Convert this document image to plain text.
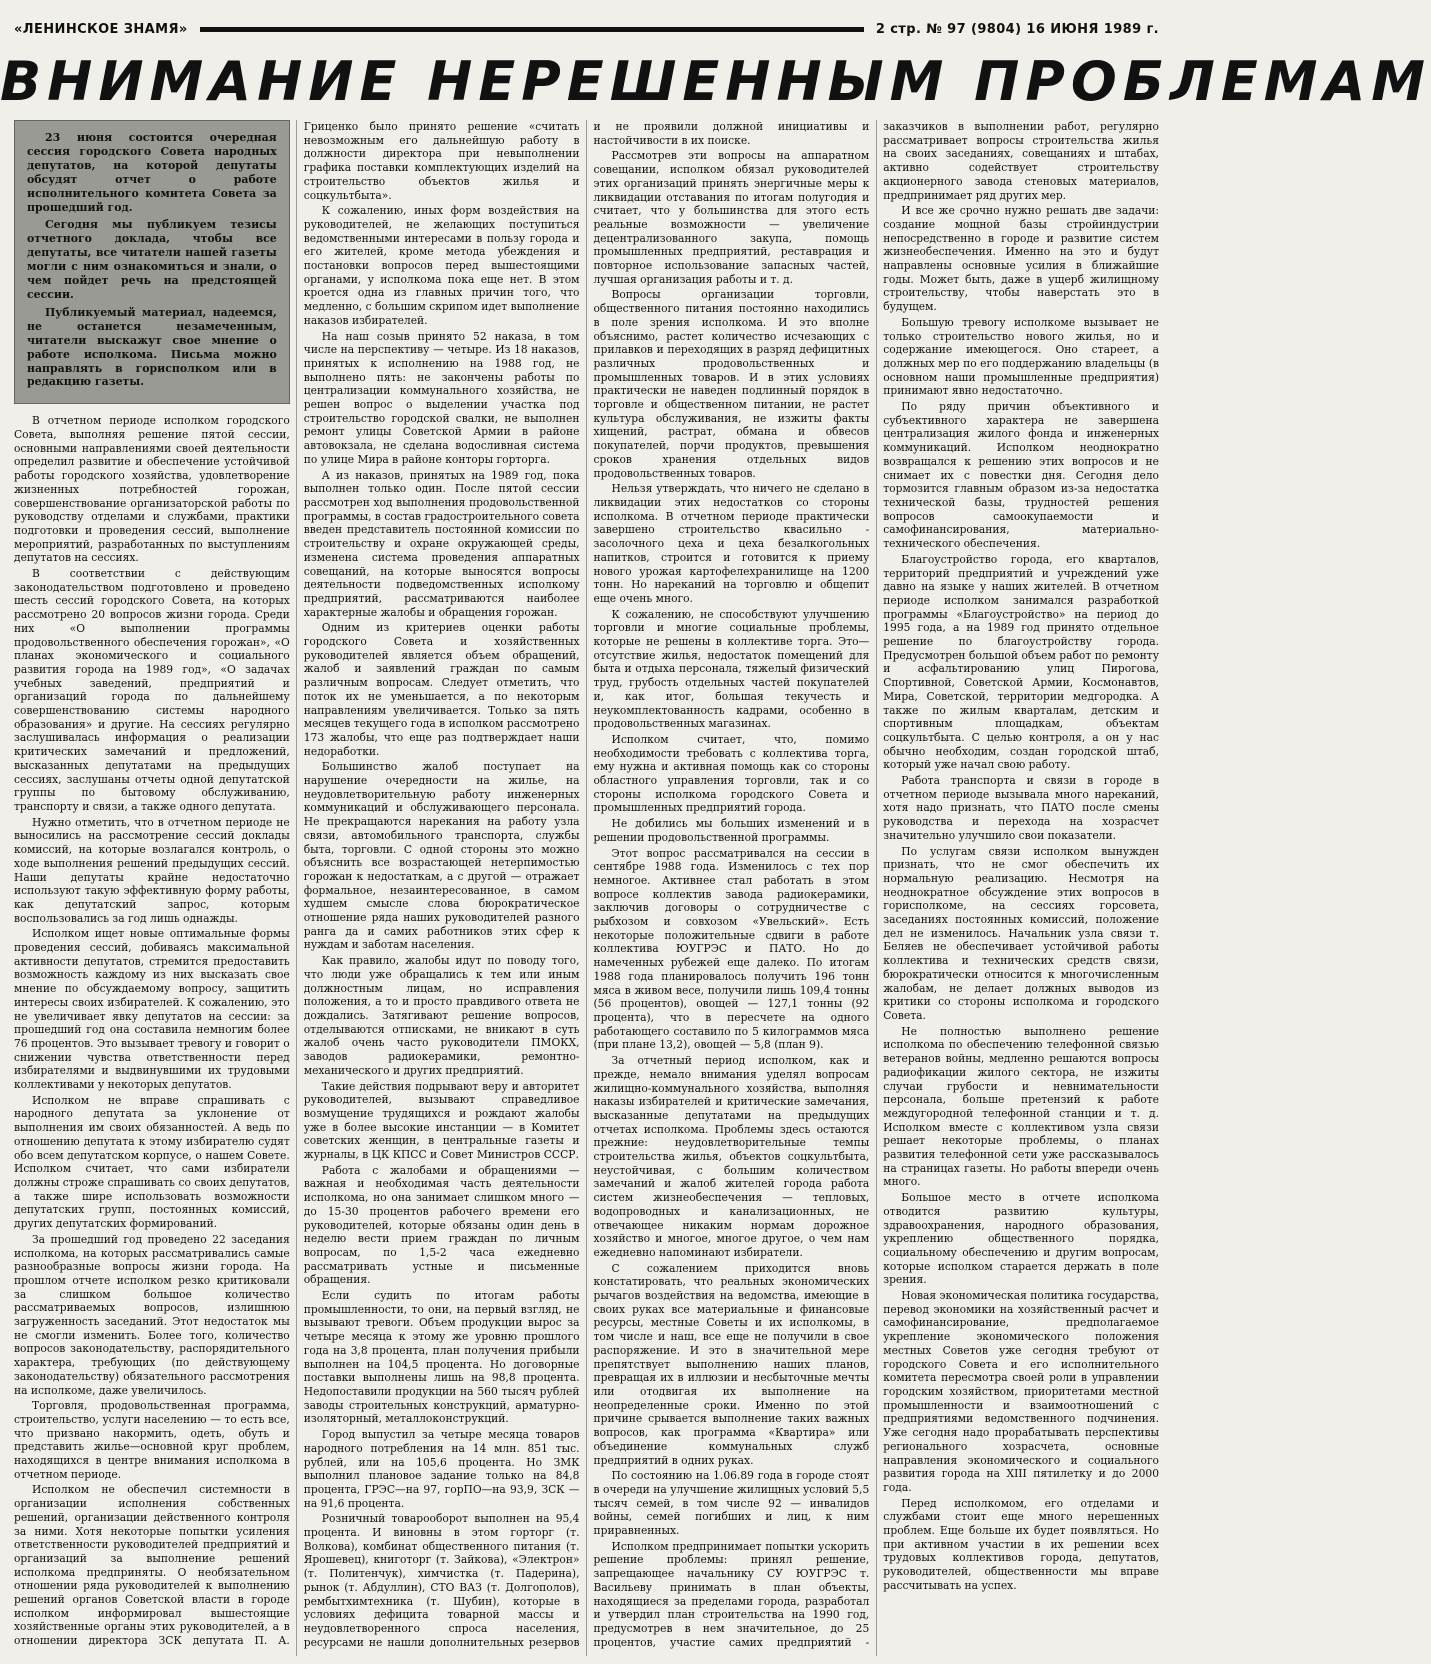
«ЛЕНИНСКОЕ ЗНАМЯ»	2 стр. № 97 (9804) 16 ИЮНЯ 1989 г.
ВНИМАНИЕ НЕРЕШЕННЫМ ПРОБЛЕМАМ

23 июня состоится очередная сессия городского Совета народных депутатов, на которой депутаты обсудят отчет о работе исполнительного комитета Совета за прошедший год.

Сегодня мы публикуем тезисы отчетного доклада, чтобы все депутаты, все читатели нашей газеты могли с ним ознакомиться и знали, о чем пойдет речь на предстоящей сессии.

Публикуемый материал, надеемся, не останется незамеченным, читатели выскажут свое мнение о работе исполкома. Письма можно направлять в горисполком или в редакцию газеты.

В отчетном периоде исполком городского Совета, выполняя решение пятой сессии, основными направлениями своей деятельности определил развитие и обеспечение устойчивой работы городского хозяйства, удовлетворение жизненных потребностей горожан, совершенствование организаторской работы по руководству отделами и службами, практики подготовки и проведения сессий, выполнение мероприятий, разработанных по выступлениям депутатов на сессиях.

В соответствии с действующим законодательством подготовлено и проведено шесть сессий городского Совета, на которых рассмотрено 20 вопросов жизни города. Среди них «О выполнении программы продовольственного обеспечения горожан», «О планах экономического и социального развития города на 1989 год», «О задачах учебных заведений, предприятий и организаций города по дальнейшему совершенствованию системы народного образования» и другие. На сессиях регулярно заслушивалась информация о реализации критических замечаний и предложений, высказанных депутатами на предыдущих сессиях, заслушаны отчеты одной депутатской группы по бытовому обслуживанию, транспорту и связи, а также одного депутата.

Нужно отметить, что в отчетном периоде не выносились на рассмотрение сессий доклады комиссий, на которые возлагался контроль, о ходе выполнения решений предыдущих сессий. Наши депутаты крайне недостаточно используют такую эффективную форму работы, как депутатский запрос, которым воспользовались за год лишь однажды.

Исполком ищет новые оптимальные формы проведения сессий, добиваясь максимальной активности депутатов, стремится предоставить возможность каждому из них высказать свое мнение по обсуждаемому вопросу, защитить интересы своих избирателей. К сожалению, это не увеличивает явку депутатов на сессии: за прошедший год она составила немногим более 76 процентов. Это вызывает тревогу и говорит о снижении чувства ответственности перед избирателями и выдвинувшими их трудовыми коллективами у некоторых депутатов.

Исполком не вправе спрашивать с народного депутата за уклонение от выполнения им своих обязанностей. А ведь по отношению депутата к этому избирателю судят обо всем депутатском корпусе, о нашем Совете. Исполком считает, что сами избиратели должны строже спрашивать со своих депутатов, а также шире использовать возможности депутатских групп, постоянных комиссий, других депутатских формирований.

За прошедший год проведено 22 заседания исполкома, на которых рассматривались самые разнообразные вопросы жизни города. На прошлом отчете исполком резко критиковали за слишком большое количество рассматриваемых вопросов, излишнюю загруженность заседаний. Этот недостаток мы не смогли изменить. Более того, количество вопросов законодательству, распорядительного характера, требующих (по действующему законодательству) обязательного рассмотрения на исполкоме, даже увеличилось.

Торговля, продовольственная программа, строительство, услуги населению — то есть все, что призвано накормить, одеть, обуть и представить жилье—основной круг проблем, находящихся в центре внимания исполкома в отчетном периоде.

Исполком не обеспечил системности в организации исполнения собственных решений, организации действенного контроля за ними. Хотя некоторые попытки усиления ответственности руководителей предприятий и организаций за выполнение решений исполкома предприняты. О необязательном отношении ряда руководителей к выполнению решений органов Советской власти в городе исполком информировал вышестоящие хозяйственные органы этих руководителей, а в отношении директора ЗСК депутата П. А. Гриценко было принято решение «считать невозможным его дальнейшую работу в должности директора при невыполнении графика поставки комплектующих изделий на строительство объектов жилья и соцкультбыта».

К сожалению, иных форм воздействия на руководителей, не желающих поступиться ведомственными интересами в пользу города и его жителей, кроме метода убеждения и постановки вопросов перед вышестоящими органами, у исполкома пока еще нет. В этом кроется одна из главных причин того, что медленно, с большим скрипом идет выполнение наказов избирателей.

На наш созыв принято 52 наказа, в том числе на перспективу — четыре. Из 18 наказов, принятых к исполнению на 1988 год, не выполнено пять: не закончены работы по централизации коммунального хозяйства, не решен вопрос о выделении участка под строительство городской свалки, не выполнен ремонт улицы Советской Армии в районе автовокзала, не сделана водосливная система по улице Мира в районе конторы горторга.

А из наказов, принятых на 1989 год, пока выполнен только один. После пятой сессии рассмотрен ход выполнения продовольственной программы, в состав градостроительного совета введен представитель постоянной комиссии по строительству и охране окружающей среды, изменена система проведения аппаратных совещаний, на которые выносятся вопросы деятельности подведомственных исполкому предприятий, рассматриваются наиболее характерные жалобы и обращения горожан.

Одним из критериев оценки работы городского Совета и хозяйственных руководителей является объем обращений, жалоб и заявлений граждан по самым различным вопросам. Следует отметить, что поток их не уменьшается, а по некоторым направлениям увеличивается. Только за пять месяцев текущего года в исполком рассмотрено 173 жалобы, что еще раз подтверждает наши недоработки.

Большинство жалоб поступает на нарушение очередности на жилье, на неудовлетворительную работу инженерных коммуникаций и обслуживающего персонала. Не прекращаются нарекания на работу узла связи, автомобильного транспорта, службы быта, торговли. С одной стороны это можно объяснить все возрастающей нетерпимостью горожан к недостаткам, а с другой — отражает формальное, незаинтересованное, в самом худшем смысле слова бюрократическое отношение ряда наших руководителей разного ранга да и самих работников этих сфер к нуждам и заботам населения.

Как правило, жалобы идут по поводу того, что люди уже обращались к тем или иным должностным лицам, но исправления положения, а то и просто правдивого ответа не дождались. Затягивают решение вопросов, отделываются отписками, не вникают в суть жалоб очень часто руководители ПМОКХ, заводов радиокерамики, ремонтно-механического и других предприятий.

Такие действия подрывают веру и авторитет руководителей, вызывают справедливое возмущение трудящихся и рождают жалобы уже в более высокие инстанции — в Комитет советских женщин, в центральные газеты и журналы, в ЦК КПСС и Совет Министров СССР.

Работа с жалобами и обращениями — важная и необходимая часть деятельности исполкома, но она занимает слишком много — до 15-30 процентов рабочего времени его руководителей, которые обязаны один день в неделю вести прием граждан по личным вопросам, по 1,5-2 часа ежедневно рассматривать устные и письменные обращения.

Если судить по итогам работы промышленности, то они, на первый взгляд, не вызывают тревоги. Объем продукции вырос за четыре месяца к этому же уровню прошлого года на 3,8 процента, план получения прибыли выполнен на 104,5 процента. Но договорные поставки выполнены лишь на 98,8 процента. Недопоставили продукции на 560 тысяч рублей заводы строительных конструкций, арматурно-изоляторный, металлоконструкций.

Город выпустил за четыре месяца товаров народного потребления на 14 млн. 851 тыс. рублей, или на 105,6 процента. Но ЗМК выполнил плановое задание только на 84,8 процента, ГРЭС—на 97, горПО—на 93,9, ЗСК — на 91,6 процента.

Розничный товарооборот выполнен на 95,4 процента. И виновны в этом горторг (т. Волкова), комбинат общественного питания (т. Ярошевец), книготорг (т. Зайкова), «Электрон» (т. Политенчук), химчистка (т. Падерина), рынок (т. Абдуллин), СТО ВАЗ (т. Долгополов), рембытхимтехника (т. Шубин), которые в условиях дефицита товарной массы и неудовлетворенного спроса населения, ресурсами не нашли дополнительных резервов и не проявили должной инициативы и настойчивости в их поиске.

Рассмотрев эти вопросы на аппаратном совещании, исполком обязал руководителей этих организаций принять энергичные меры к ликвидации отставания по итогам полугодия и считает, что у большинства для этого есть реальные возможности — увеличение децентрализованного закупа, помощь промышленных предприятий, реставрация и повторное использование запасных частей, лучшая организация работы и т. д.

Вопросы организации торговли, общественного питания постоянно находились в поле зрения исполкома. И это вполне объяснимо, растет количество исчезающих с прилавков и переходящих в разряд дефицитных различных продовольственных и промышленных товаров. И в этих условиях практически не наведен подлинный порядок в торговле и общественном питании, не растет культура обслуживания, не изжиты факты хищений, растрат, обмана и обвесов покупателей, порчи продуктов, превышения сроков хранения отдельных видов продовольственных товаров.

Нельзя утверждать, что ничего не сделано в ликвидации этих недостатков со стороны исполкома. В отчетном периоде практически завершено строительство квасильно - засолочного цеха и цеха безалкогольных напитков, строится и готовится к приему нового урожая картофелехранилище на 1200 тонн. Но нареканий на торговлю и общепит еще очень много.

К сожалению, не способствуют улучшению торговли и многие социальные проблемы, которые не решены в коллективе торга. Это—отсутствие жилья, недостаток помещений для быта и отдыха персонала, тяжелый физический труд, грубость отдельных частей покупателей и, как итог, большая текучесть и неукомплектованность кадрами, особенно в продовольственных магазинах.

Исполком считает, что, помимо необходимости требовать с коллектива торга, ему нужна и активная помощь как со стороны областного управления торговли, так и со стороны исполкома городского Совета и промышленных предприятий города.

Не добились мы больших изменений и в решении продовольственной программы.

Этот вопрос рассматривался на сессии в сентябре 1988 года. Изменилось с тех пор немногое. Активнее стал работать в этом вопросе коллектив завода радиокерамики, заключив договоры о сотрудничестве с рыбхозом и совхозом «Увельский». Есть некоторые положительные сдвиги в работе коллектива ЮУГРЭС и ПАТО. Но до намеченных рубежей еще далеко. По итогам 1988 года планировалось получить 196 тонн мяса в живом весе, получили лишь 109,4 тонны (56 процентов), овощей — 127,1 тонны (92 процента), что в пересчете на одного работающего составило по 5 килограммов мяса (при плане 13,2), овощей — 5,8 (план 9).

За отчетный период исполком, как и прежде, немало внимания уделял вопросам жилищно-коммунального хозяйства, выполняя наказы избирателей и критические замечания, высказанные депутатами на предыдущих отчетах исполкома. Проблемы здесь остаются прежние: неудовлетворительные темпы строительства жилья, объектов соцкультбыта, неустойчивая, с большим количеством замечаний и жалоб жителей города работа систем жизнеобеспечения — тепловых, водопроводных и канализационных, не отвечающее никаким нормам дорожное хозяйство и многое, многое другое, о чем нам ежедневно напоминают избиратели.

С сожалением приходится вновь констатировать, что реальных экономических рычагов воздействия на ведомства, имеющие в своих руках все материальные и финансовые ресурсы, местные Советы и их исполкомы, в том числе и наш, все еще не получили в свое распоряжение. И это в значительной мере препятствует выполнению наших планов, превращая их в иллюзии и несбыточные мечты или отодвигая их выполнение на неопределенные сроки. Именно по этой причине срывается выполнение таких важных вопросов, как программа «Квартира» или объединение коммунальных служб предприятий в одних руках.

По состоянию на 1.06.89 года в городе стоят в очереди на улучшение жилищных условий 5,5 тысяч семей, в том числе 92 — инвалидов войны, семей погибших и лиц, к ним приравненных.

Исполком предпринимает попытки ускорить решение проблемы: принял решение, запрещающее начальнику СУ ЮУГРЭС т. Васильеву принимать в план объекты, находящиеся за пределами города, разработал и утвердил план строительства на 1990 год, предусмотрев в нем значительное, до 25 процентов, участие самих предприятий - заказчиков в выполнении работ, регулярно рассматривает вопросы строительства жилья на своих заседаниях, совещаниях и штабах, активно содействует строительству акционерного завода стеновых материалов, предпринимает ряд других мер.

И все же срочно нужно решать две задачи: создание мощной базы стройиндустрии непосредственно в городе и развитие систем жизнеобеспечения. Именно на это и будут направлены основные усилия в ближайшие годы. Может быть, даже в ущерб жилищному строительству, чтобы наверстать это в будущем.

Большую тревогу исполкоме вызывает не только строительство нового жилья, но и содержание имеющегося. Оно стареет, а должных мер по его поддержанию владельцы (в основном наши промышленные предприятия) принимают явно недостаточно.

По ряду причин объективного и субъективного характера не завершена централизация жилого фонда и инженерных коммуникаций. Исполком неоднократно возвращался к решению этих вопросов и не снимает их с повестки дня. Сегодня дело тормозится главным образом из-за недостатка технической базы, трудностей решения вопросов самоокупаемости и самофинансирования, материально-технического обеспечения.

Благоустройство города, его кварталов, территорий предприятий и учреждений уже давно на языке у наших жителей. В отчетном периоде исполком занимался разработкой программы «Благоустройство» на период до 1995 года, а на 1989 год принято отдельное решение по благоустройству города. Предусмотрен большой объем работ по ремонту и асфальтированию улиц Пирогова, Спортивной, Советской Армии, Космонавтов, Мира, Советской, территории медгородка. А также по жилым кварталам, детским и спортивным площадкам, объектам соцкультбыта. С целью контроля, а он у нас обычно необходим, создан городской штаб, который уже начал свою работу.

Работа транспорта и связи в городе в отчетном периоде вызывала много нареканий, хотя надо признать, что ПАТО после смены руководства и перехода на хозрасчет значительно улучшило свои показатели.

По услугам связи исполком вынужден признать, что не смог обеспечить их нормальную реализацию. Несмотря на неоднократное обсуждение этих вопросов в горисполкоме, на сессиях горсовета, заседаниях постоянных комиссий, положение дел не изменилось. Начальник узла связи т. Беляев не обеспечивает устойчивой работы коллектива и технических средств связи, бюрократически относится к многочисленным жалобам, не делает должных выводов из критики со стороны исполкома и городского Совета.

Не полностью выполнено решение исполкома по обеспечению телефонной связью ветеранов войны, медленно решаются вопросы радиофикации жилого сектора, не изжиты случаи грубости и невнимательности персонала, больше претензий к работе междугородной телефонной станции и т. д. Исполком вместе с коллективом узла связи решает некоторые проблемы, о планах развития телефонной сети уже рассказывалось на страницах газеты. Но работы впереди очень много.

Большое место в отчете исполкома отводится развитию культуры, здравоохранения, народного образования, укреплению общественного порядка, социальному обеспечению и другим вопросам, которые исполком старается держать в поле зрения.

Новая экономическая политика государства, перевод экономики на хозяйственный расчет и самофинансирование, предполагаемое укрепление экономического положения местных Советов уже сегодня требуют от городского Совета и его исполнительного комитета пересмотра своей роли в управлении городским хозяйством, приоритетами местной промышленности и взаимоотношений с предприятиями ведомственного подчинения. Уже сегодня надо прорабатывать перспективы регионального хозрасчета, основные направления экономического и социального развития города на XIII пятилетку и до 2000 года.

Перед исполкомом, его отделами и службами стоит еще много нерешенных проблем. Еще больше их будет появляться. Но при активном участии в их решении всех трудовых коллективов города, депутатов, руководителей, общественности мы вправе рассчитывать на успех.
